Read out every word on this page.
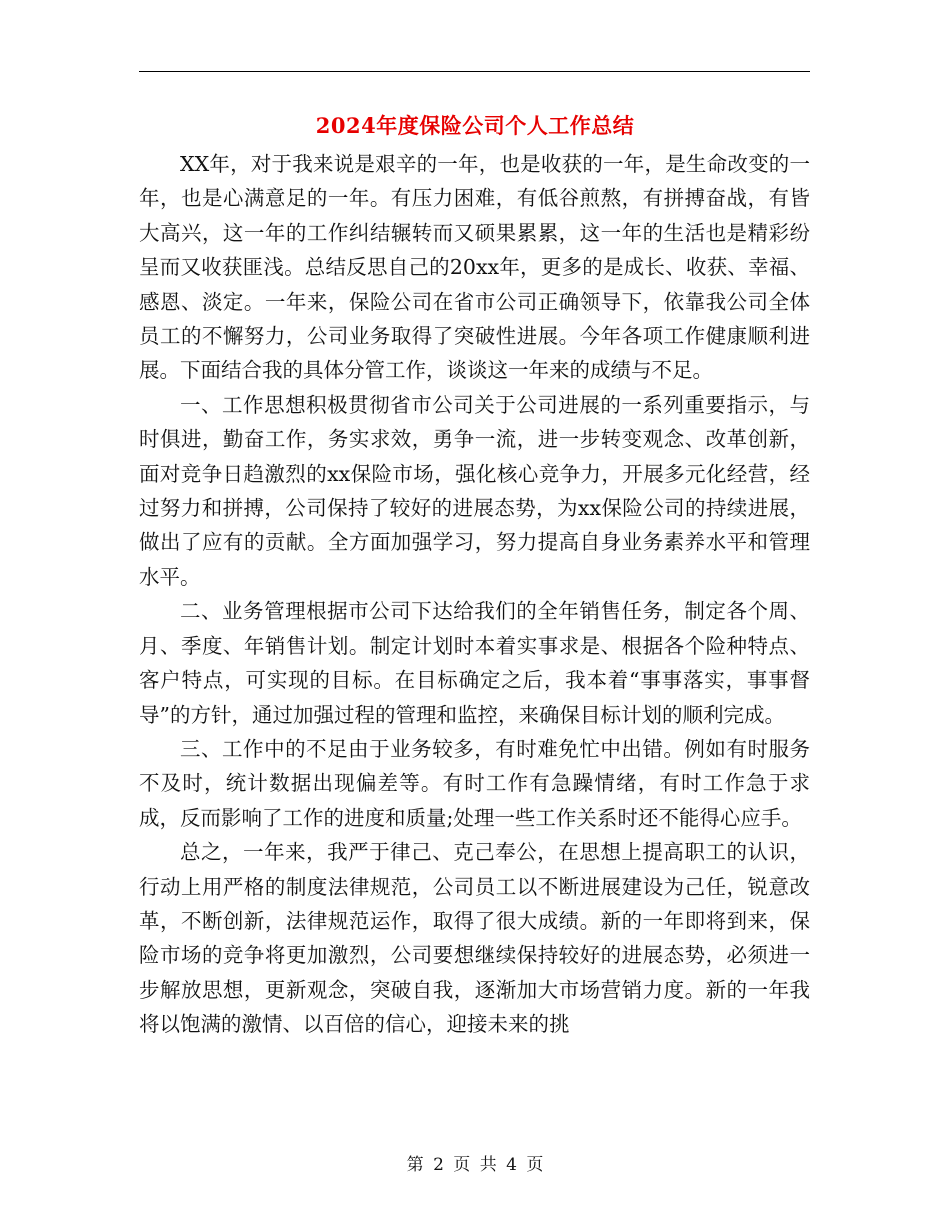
2024年度保险公司个人工作总结

XX年，对于我来说是艰辛的一年，也是收获的一年，是生命改变的一年，也是心满意足的一年。有压力困难，有低谷煎熬，有拼搏奋战，有皆大高兴，这一年的工作纠结辗转而又硕果累累，这一年的生活也是精彩纷呈而又收获匪浅。总结反思自己的20xx年，更多的是成长、收获、幸福、感恩、淡定。一年来，保险公司在省市公司正确领导下，依靠我公司全体员工的不懈努力，公司业务取得了突破性进展。今年各项工作健康顺利进展。下面结合我的具体分管工作，谈谈这一年来的成绩与不足。

一、工作思想积极贯彻省市公司关于公司进展的一系列重要指示，与时俱进，勤奋工作，务实求效，勇争一流，进一步转变观念、改革创新，面对竞争日趋激烈的xx保险市场，强化核心竞争力，开展多元化经营，经过努力和拼搏，公司保持了较好的进展态势，为xx保险公司的持续进展，做出了应有的贡献。全方面加强学习，努力提高自身业务素养水平和管理水平。

二、业务管理根据市公司下达给我们的全年销售任务，制定各个周、月、季度、年销售计划。制定计划时本着实事求是、根据各个险种特点、客户特点，可实现的目标。在目标确定之后，我本着“事事落实，事事督导”的方针，通过加强过程的管理和监控，来确保目标计划的顺利完成。

三、工作中的不足由于业务较多，有时难免忙中出错。例如有时服务不及时，统计数据出现偏差等。有时工作有急躁情绪，有时工作急于求成，反而影响了工作的进度和质量;处理一些工作关系时还不能得心应手。

总之，一年来，我严于律己、克己奉公，在思想上提高职工的认识，行动上用严格的制度法律规范，公司员工以不断进展建设为己任，锐意改革，不断创新，法律规范运作，取得了很大成绩。新的一年即将到来，保险市场的竞争将更加激烈，公司要想继续保持较好的进展态势，必须进一步解放思想，更新观念，突破自我，逐渐加大市场营销力度。新的一年我将以饱满的激情、以百倍的信心，迎接未来的挑

第 2 页 共 4 页
